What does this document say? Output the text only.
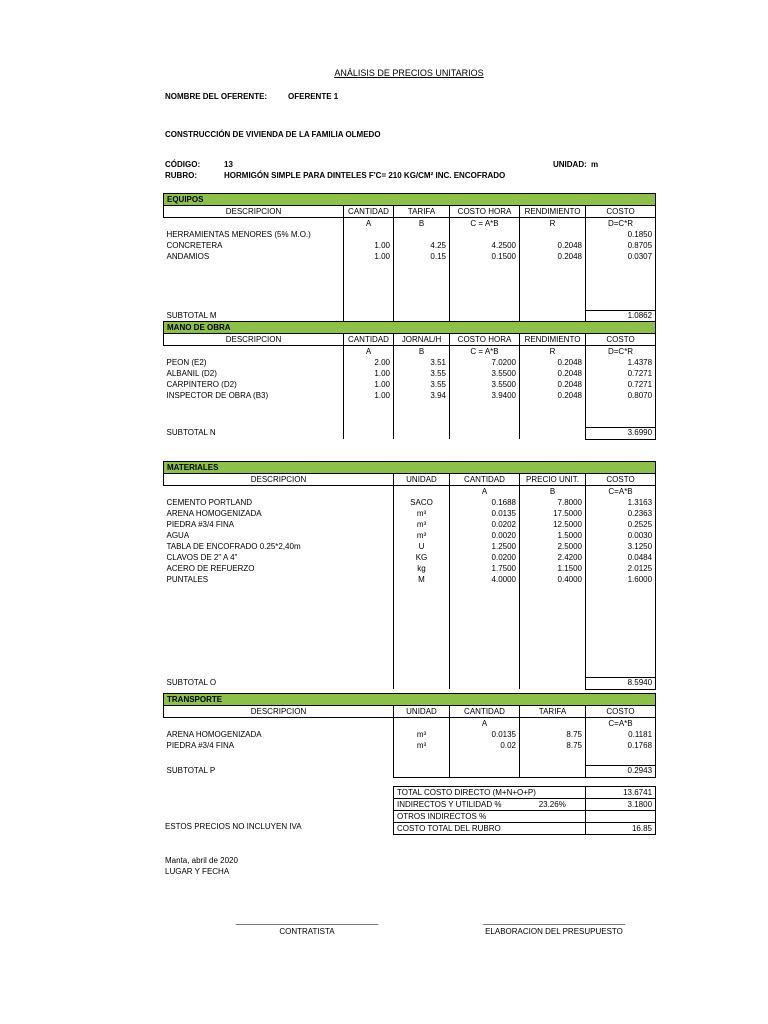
ANÁLISIS DE PRECIOS UNITARIOS
NOMBRE DEL OFERENTE:	OFERENTE 1
CONSTRUCCIÓN DE VIVIENDA DE LA FAMILIA OLMEDO
CÓDIGO:	13
RUBRO:	HORMIGÓN SIMPLE PARA DINTELES F'C= 210 KG/CM² INC. ENCOFRADO
UNIDAD: m
EQUIPOS					
DESCRIPCION	CANTIDAD	TARIFA	COSTO HORA	RENDIMIENTO	COSTO
	A	B	C = A*B	R	D=C*R
HERRAMIENTAS MENORES (5% M.O.)					0.1850
CONCRETERA	1.00	4.25	4.2500	0.2048	0.8705
ANDAMIOS	1.00	0.15	0.1500	0.2048	0.0307

SUBTOTAL M					1.0862
MANO DE OBRA					
DESCRIPCION	CANTIDAD	JORNAL/H	COSTO HORA	RENDIMIENTO	COSTO
	A	B	C = A*B	R	D=C*R
PEON (E2)	2.00	3.51	7.0200	0.2048	1.4378
ALBANIL (D2)	1.00	3.55	3.5500	0.2048	0.7271
CARPINTERO (D2)	1.00	3.55	3.5500	0.2048	0.7271
INSPECTOR DE OBRA (B3)	1.00	3.94	3.9400	0.2048	0.8070

SUBTOTAL N					3.6990
MATERIALES				
DESCRIPCION	UNIDAD	CANTIDAD	PRECIO UNIT.	COSTO
		A	B	C=A*B
CEMENTO PORTLAND	SACO	0.1688	7.8000	1.3163
ARENA HOMOGENIZADA	m³	0.0135	17.5000	0.2363
PIEDRA #3/4 FINA	m³	0.0202	12.5000	0.2525
AGUA	m³	0.0020	1.5000	0.0030
TABLA DE ENCOFRADO 0.25*2,40m	U	1.2500	2.5000	3.1250
CLAVOS DE 2" A 4"	KG	0.0200	2.4200	0.0484
ACERO DE REFUERZO	kg	1.7500	1.1500	2.0125
PUNTALES	M	4.0000	0.4000	1.6000

SUBTOTAL O				8.5940
TRANSPORTE				
DESCRIPCION	UNIDAD	CANTIDAD	TARIFA	COSTO
		A		C=A*B
ARENA HOMOGENIZADA	m³	0.0135	8.75	0.1181
PIEDRA #3/4 FINA	m³	0.02	8.75	0.1768

SUBTOTAL P				0.2943
TOTAL COSTO DIRECTO (M+N+O+P)		13.6741
INDIRECTOS Y UTILIDAD %	23.26%	3.1800
OTROS INDIRECTOS %		
COSTO TOTAL DEL RUBRO		16.85
ESTOS PRECIOS NO INCLUYEN IVA
Manta, abril de 2020
LUGAR Y FECHA
________________________________
CONTRATISTA
________________________________
ELABORACION DEL PRESUPUESTO
